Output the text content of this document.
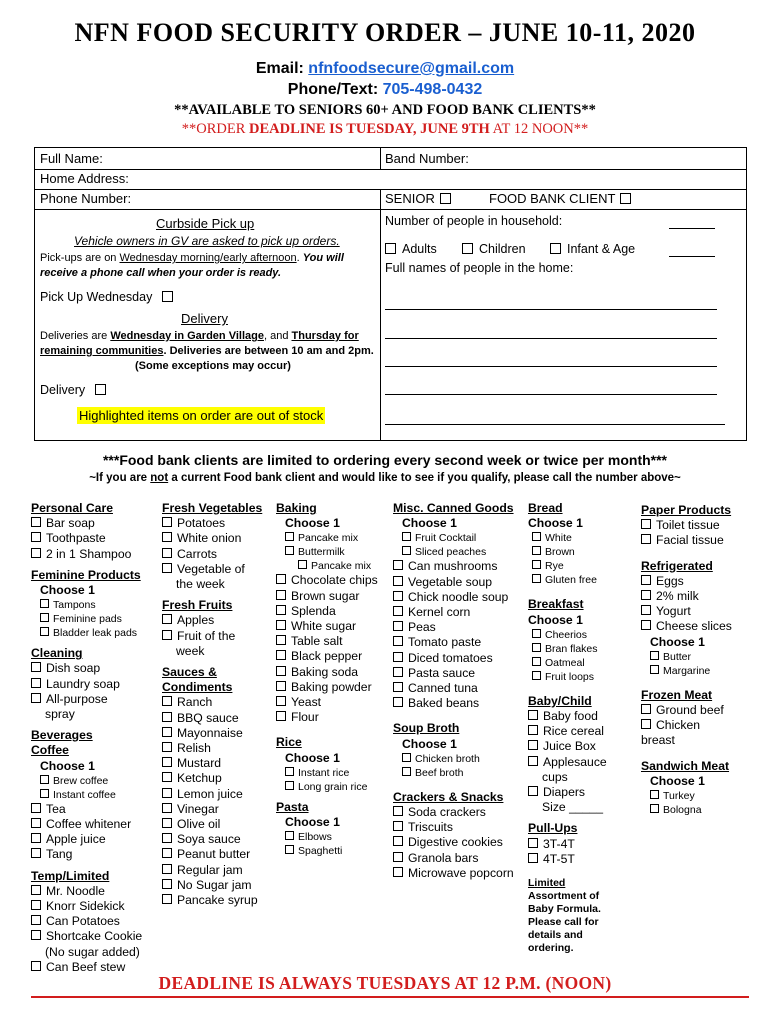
NFN FOOD SECURITY ORDER – JUNE 10-11, 2020
Email: nfnfoodsecure@gmail.com
Phone/Text: 705-498-0432
**AVAILABLE TO SENIORS 60+ AND FOOD BANK CLIENTS**
**ORDER DEADLINE IS TUESDAY, JUNE 9TH AT 12 NOON**
Full Name:	Band Number:
Home Address:
Phone Number:	SENIOR	FOOD BANK CLIENT
Curbside Pick up
Vehicle owners in GV are asked to pick up orders.
Pick-ups are on Wednesday morning/early afternoon. You will receive a phone call when your order is ready.
Pick Up Wednesday
Delivery
Deliveries are Wednesday in Garden Village, and Thursday for remaining communities. Deliveries are between 10 am and 2pm.
(Some exceptions may occur)
Delivery
Highlighted items on order are out of stock
Number of people in household:
Adults	Children	Infant & Age
Full names of people in the home:
***Food bank clients are limited to ordering every second week or twice per month***
~If you are not a current Food bank client and would like to see if you qualify, please call the number above~
Personal Care
Bar soap
Toothpaste
2 in 1 Shampoo
Feminine Products
Choose 1
Tampons
Feminine pads
Bladder leak pads
Cleaning
Dish soap
Laundry soap
All-purpose
spray
Beverages
Coffee
Choose 1
Brew coffee
Instant coffee
Tea
Coffee whitener
Apple juice
Tang
Temp/Limited
Mr. Noodle
Knorr Sidekick
Can Potatoes
Shortcake Cookie
(No sugar added)
Can Beef stew
Fresh Vegetables
Potatoes
White onion
Carrots
Vegetable of
the week
Fresh Fruits
Apples
Fruit of the
week
Sauces &
Condiments
Ranch
BBQ sauce
Mayonnaise
Relish
Mustard
Ketchup
Lemon juice
Vinegar
Olive oil
Soya sauce
Peanut butter
Regular jam
No Sugar jam
Pancake syrup
Baking
Choose 1
Pancake mix
Buttermilk
Pancake mix
Chocolate chips
Brown sugar
Splenda
White sugar
Table salt
Black pepper
Baking soda
Baking powder
Yeast
Flour
Rice
Choose 1
Instant rice
Long grain rice
Pasta
Choose 1
Elbows
Spaghetti
Misc. Canned Goods
Choose 1
Fruit Cocktail
Sliced peaches
Can mushrooms
Vegetable soup
Chick noodle soup
Kernel corn
Peas
Tomato paste
Diced tomatoes
Pasta sauce
Canned tuna
Baked beans
Soup Broth
Choose 1
Chicken broth
Beef broth
Crackers & Snacks
Soda crackers
Triscuits
Digestive cookies
Granola bars
Microwave popcorn
Bread
Choose 1
White
Brown
Rye
Gluten free
Breakfast
Choose 1
Cheerios
Bran flakes
Oatmeal
Fruit loops
Baby/Child
Baby food
Rice cereal
Juice Box
Applesauce
cups
Diapers
Size _____
Pull-Ups
3T-4T
4T-5T
Limited
Assortment of
Baby Formula.
Please call for
details and
ordering.
Paper Products
Toilet tissue
Facial tissue
Refrigerated
Eggs
2% milk
Yogurt
Cheese slices
Choose 1
Butter
Margarine
Frozen Meat
Ground beef
Chicken
breast
Sandwich Meat
Choose 1
Turkey
Bologna
DEADLINE IS ALWAYS TUESDAYS AT 12 P.M. (NOON)
